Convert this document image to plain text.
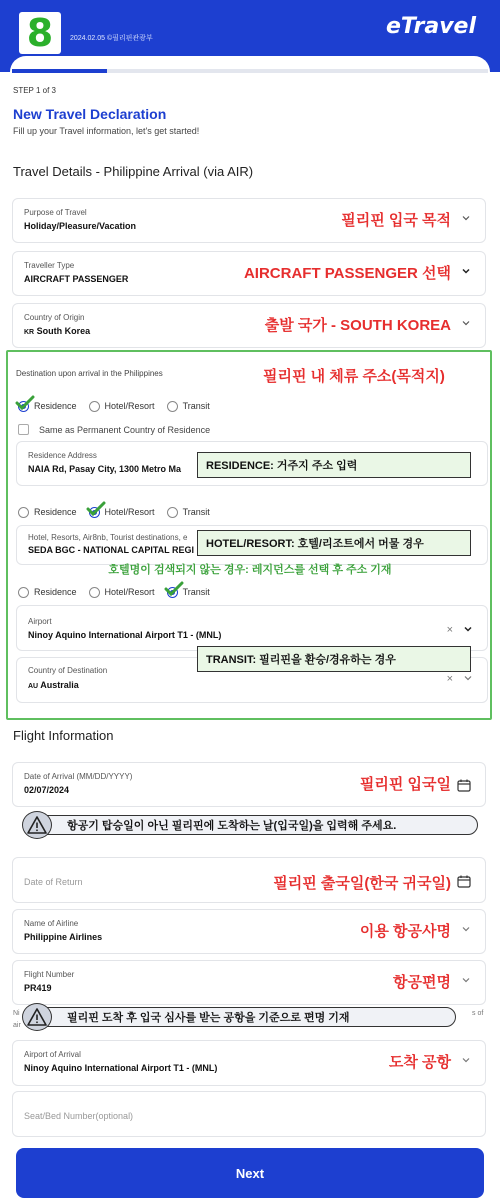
8	2024.02.05 ©필리핀관광부	eTravel
STEP 1 of 3
New Travel Declaration
Fill up your Travel information, let's get started!
Travel Details - Philippine Arrival (via AIR)
Purpose of Travel
Holiday/Pleasure/Vacation	필리핀 입국 목적
Traveller Type
AIRCRAFT PASSENGER	AIRCRAFT PASSENGER 선택
Country of Origin
KR South Korea	출발 국가 - SOUTH KOREA
Destination upon arrival in the Philippines	필리핀 내 체류 주소(목적지)
Residence	Hotel/Resort	Transit
Same as Permanent Country of Residence
Residence Address
NAIA Rd, Pasay City, 1300 Metro Ma	RESIDENCE: 거주지 주소 입력
Residence	Hotel/Resort	Transit
Hotel, Resorts, Air8nb, Tourist destinations, e
SEDA BGC - NATIONAL CAPITAL REGI	HOTEL/RESORT: 호텔/리조트에서 머물 경우
호텔명이 검색되지 않는 경우: 레지던스를 선택 후 주소 기재
Residence	Hotel/Resort	Transit
Airport
Ninoy Aquino International Airport T1 - (MNL)	×
Country of Destination
AU Australia	×
TRANSIT: 필리핀을 환승/경유하는 경우
Flight Information
Date of Arrival (MM/DD/YYYY)
02/07/2024	필리핀 입국일
항공기 탑승일이 아닌 필리핀에 도착하는 날(입국일)을 입력해 주세요.
Date of Return	필리핀 출국일(한국 귀국일)
Name of Airline
Philippine Airlines	이용 항공사명
Flight Number
PR419	항공편명
Ni
air
s of
필리핀 도착 후 입국 심사를 받는 공항을 기준으로 편명 기재
Airport of Arrival
Ninoy Aquino International Airport T1 - (MNL)	도착 공항
Seat/Bed Number(optional)
Next
